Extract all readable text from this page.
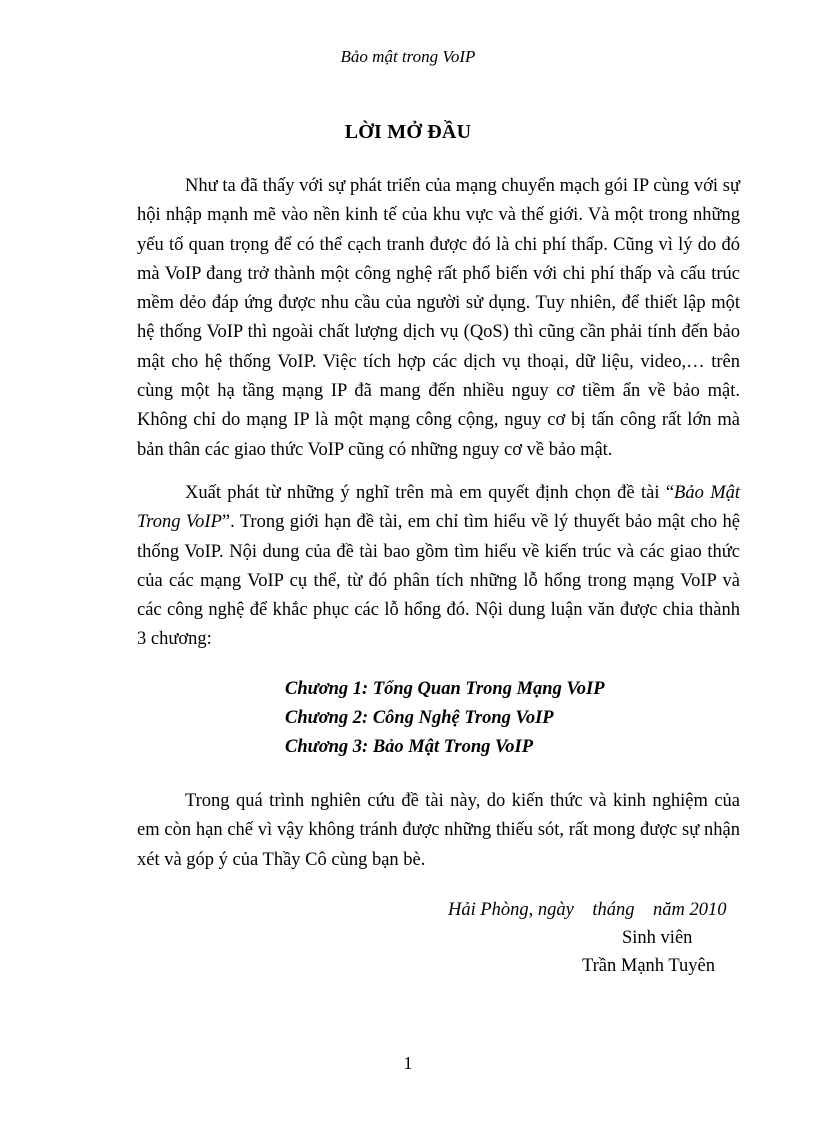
Bảo mật trong VoIP
LỜI MỞ ĐẦU

Như ta đã thấy với sự phát triển của mạng chuyển mạch gói IP cùng với sự hội nhập mạnh mẽ vào nền kinh tế của khu vực và thế giới. Và một trong những yếu tố quan trọng để có thể cạch tranh được đó là chi phí thấp. Cũng vì lý do đó mà VoIP đang trở thành một công nghệ rất phổ biến với chi phí thấp và cấu trúc mềm dẻo đáp ứng được nhu cầu của người sử dụng. Tuy nhiên, để thiết lập một hệ thống VoIP thì ngoài chất lượng dịch vụ (QoS) thì cũng cần phải tính đến bảo mật cho hệ thống VoIP. Việc tích hợp các dịch vụ thoại, dữ liệu, video,… trên cùng một hạ tầng mạng IP đã mang đến nhiều nguy cơ tiềm ẩn về bảo mật. Không chỉ do mạng IP là một mạng công cộng, nguy cơ bị tấn công rất lớn mà bản thân các giao thức VoIP cũng có những nguy cơ về bảo mật.

Xuất phát từ những ý nghĩ trên mà em quyết định chọn đề tài “Bảo Mật Trong VoIP”. Trong giới hạn đề tài, em chỉ tìm hiểu về lý thuyết bảo mật cho hệ thống VoIP. Nội dung của đề tài bao gồm tìm hiểu về kiến trúc và các giao thức của các mạng VoIP cụ thể, từ đó phân tích những lỗ hổng trong mạng VoIP và các công nghệ để khắc phục các lỗ hổng đó. Nội dung luận văn được chia thành 3 chương:

Chương 1: Tổng Quan Trong Mạng VoIP
Chương 2: Công Nghệ Trong VoIP
Chương 3: Bảo Mật Trong VoIP

Trong quá trình nghiên cứu đề tài này, do kiến thức và kinh nghiệm của em còn hạn chế vì vậy không tránh được những thiếu sót, rất mong được sự nhận xét và góp ý của Thầy Cô cùng bạn bè.

Hải Phòng, ngày    tháng    năm 2010
Sinh viên
Trần Mạnh Tuyên
1
